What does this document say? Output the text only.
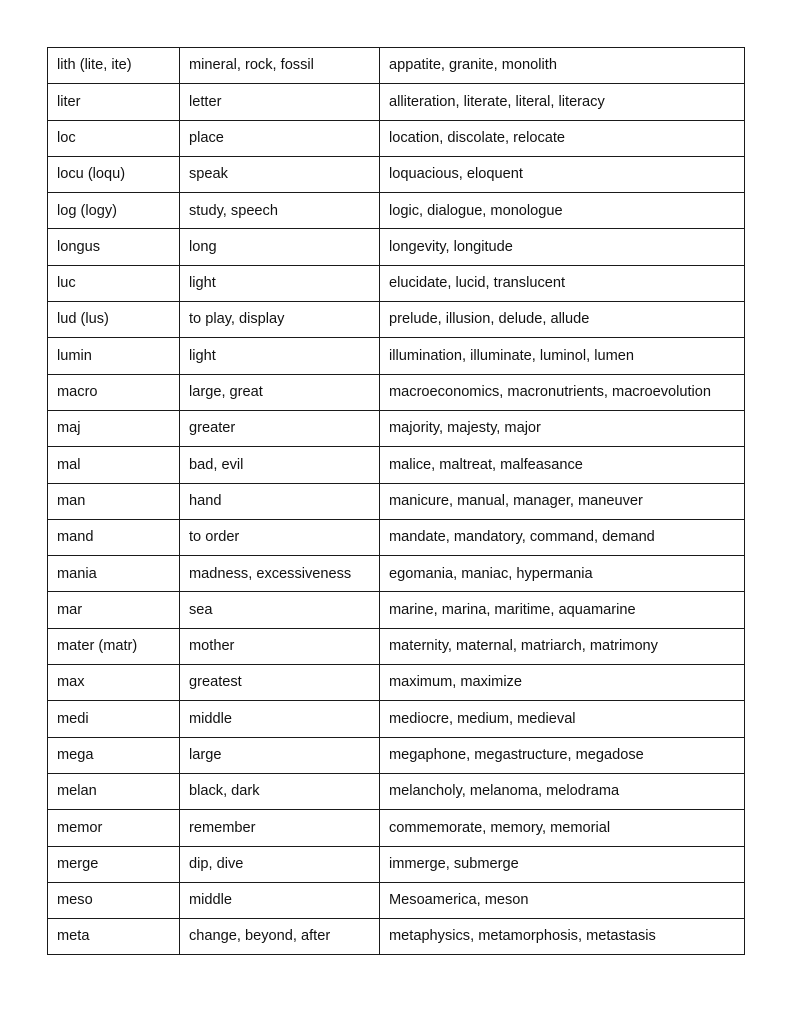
lith (lite, ite)	mineral, rock, fossil	appatite, granite, monolith
liter	letter	alliteration, literate, literal, literacy
loc	place	location, discolate, relocate
locu (loqu)	speak	loquacious, eloquent
log (logy)	study, speech	logic, dialogue, monologue
longus	long	longevity, longitude
luc	light	elucidate, lucid, translucent
lud (lus)	to play, display	prelude, illusion, delude, allude
lumin	light	illumination, illuminate, luminol, lumen
macro	large, great	macroeconomics, macronutrients, macroevolution
maj	greater	majority, majesty, major
mal	bad, evil	malice, maltreat, malfeasance
man	hand	manicure, manual, manager, maneuver
mand	to order	mandate, mandatory, command, demand
mania	madness, excessiveness	egomania, maniac, hypermania
mar	sea	marine, marina, maritime, aquamarine
mater (matr)	mother	maternity, maternal, matriarch, matrimony
max	greatest	maximum, maximize
medi	middle	mediocre, medium, medieval
mega	large	megaphone, megastructure, megadose
melan	black, dark	melancholy, melanoma, melodrama
memor	remember	commemorate, memory, memorial
merge	dip, dive	immerge, submerge
meso	middle	Mesoamerica, meson
meta	change, beyond, after	metaphysics, metamorphosis, metastasis
